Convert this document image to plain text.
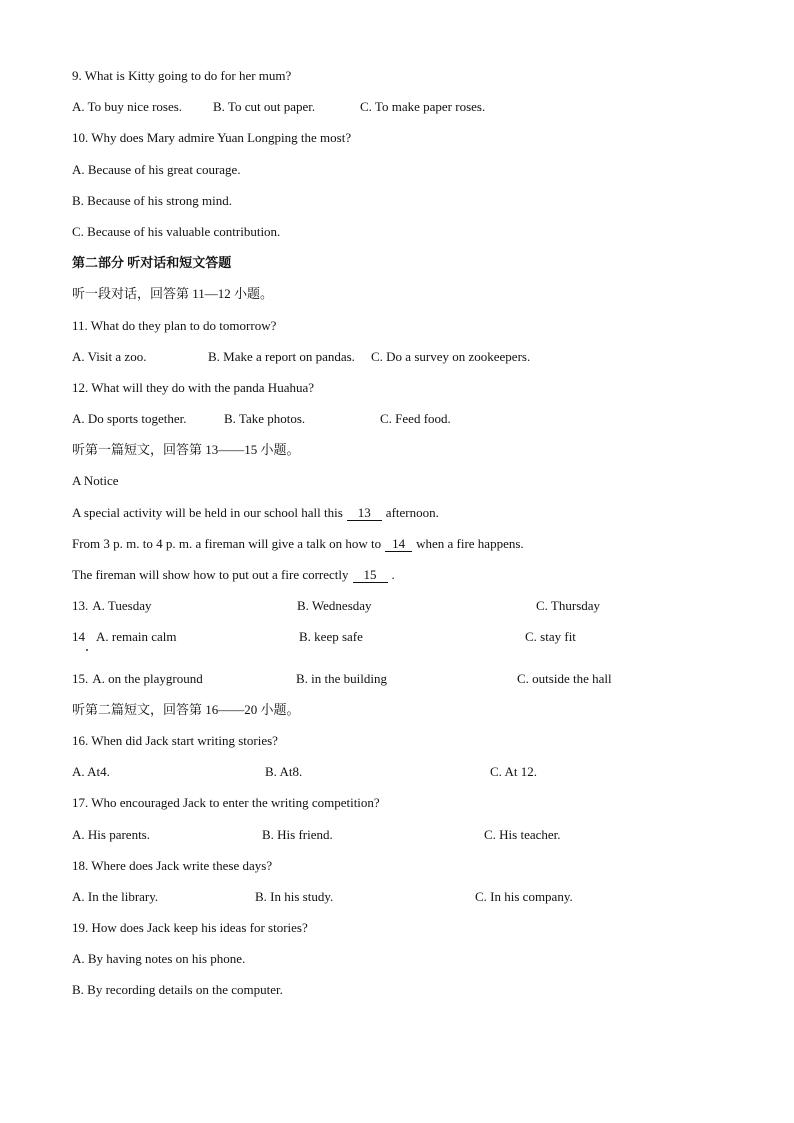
9. What is Kitty going to do for her mum?
A. To buy nice roses. B. To cut out paper.	C. To make paper roses.
10. Why does Mary admire Yuan Longping the most?
A. Because of his great courage.
B. Because of his strong mind.
C. Because of his valuable contribution.
第二部分 听对话和短文答题
听一段对话，回答第 11—12 小题。
11. What do they plan to do tomorrow?
A. Visit a zoo.	B. Make a report on pandas. C. Do a survey on zookeepers.
12. What will they do with the panda Huahua?
A. Do sports together.	B. Take photos.	C. Feed food.
听第一篇短文，回答第 13——15 小题。
A Notice
A special activity will be held in our school hall this 13 afternoon.
From 3 p. m. to 4 p. m. a fireman will give a talk on how to 14 when a fire happens.
The fireman will show how to put out a fire correctly 15 .
13. A. Tuesday	B. Wednesday	C. Thursday
14 A. remain calm	B. keep safe	C. stay fit
15. A. on the playground	B. in the building	C. outside the hall
听第二篇短文，回答第 16——20 小题。
16. When did Jack start writing stories?
A. At4.	B. At8.	C. At 12.
17. Who encouraged Jack to enter the writing competition?
A. His parents.	B. His friend.	C. His teacher.
18. Where does Jack write these days?
A. In the library.	B. In his study.	C. In his company.
19. How does Jack keep his ideas for stories?
A. By having notes on his phone.
B. By recording details on the computer.
